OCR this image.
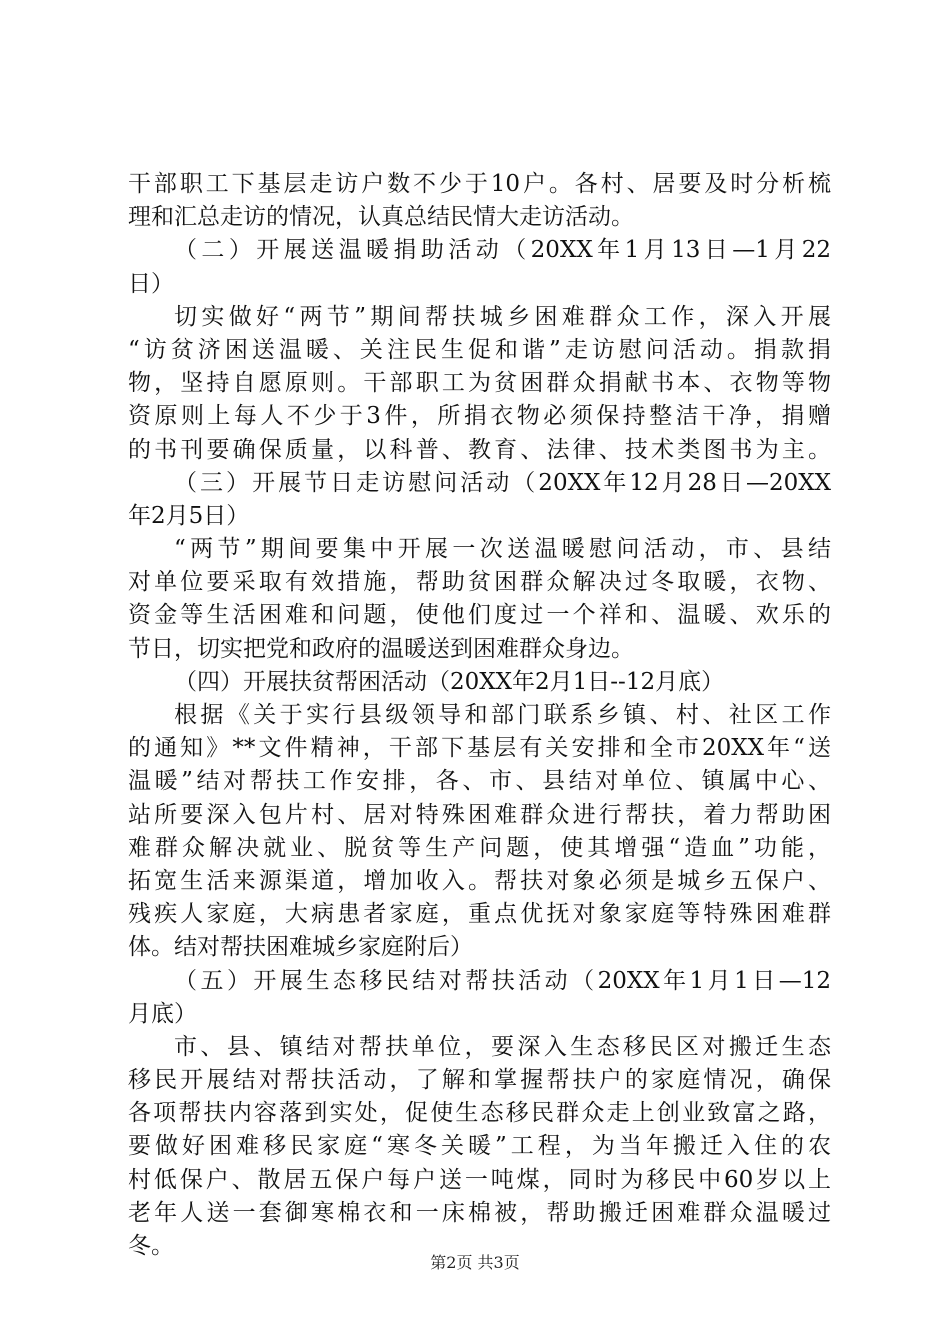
干部职工下基层走访户数不少于10户。各村、居要及时分析梳
理和汇总走访的情况，认真总结民情大走访活动。
（二）开展送温暖捐助活动（20XX年1月13日—1月22
日）
切实做好“两节”期间帮扶城乡困难群众工作，深入开展
“访贫济困送温暖、关注民生促和谐”走访慰问活动。捐款捐
物，坚持自愿原则。干部职工为贫困群众捐献书本、衣物等物
资原则上每人不少于3件，所捐衣物必须保持整洁干净，捐赠
的书刊要确保质量，以科普、教育、法律、技术类图书为主。
（三）开展节日走访慰问活动（20XX年12月28日—20XX
年2月5日）
“两节”期间要集中开展一次送温暖慰问活动，市、县结
对单位要采取有效措施，帮助贫困群众解决过冬取暖，衣物、
资金等生活困难和问题，使他们度过一个祥和、温暖、欢乐的
节日，切实把党和政府的温暖送到困难群众身边。
（四）开展扶贫帮困活动（20XX年2月1日--12月底）
根据《关于实行县级领导和部门联系乡镇、村、社区工作
的通知》**文件精神，干部下基层有关安排和全市20XX年“送
温暖”结对帮扶工作安排，各、市、县结对单位、镇属中心、
站所要深入包片村、居对特殊困难群众进行帮扶，着力帮助困
难群众解决就业、脱贫等生产问题，使其增强“造血”功能，
拓宽生活来源渠道，增加收入。帮扶对象必须是城乡五保户、
残疾人家庭，大病患者家庭，重点优抚对象家庭等特殊困难群
体。结对帮扶困难城乡家庭附后）
（五）开展生态移民结对帮扶活动（20XX年1月1日—12
月底）
市、县、镇结对帮扶单位，要深入生态移民区对搬迁生态
移民开展结对帮扶活动，了解和掌握帮扶户的家庭情况，确保
各项帮扶内容落到实处，促使生态移民群众走上创业致富之路，
要做好困难移民家庭“寒冬关暖”工程，为当年搬迁入住的农
村低保户、散居五保户每户送一吨煤，同时为移民中60岁以上
老年人送一套御寒棉衣和一床棉被，帮助搬迁困难群众温暖过
冬。
第2页 共3页
